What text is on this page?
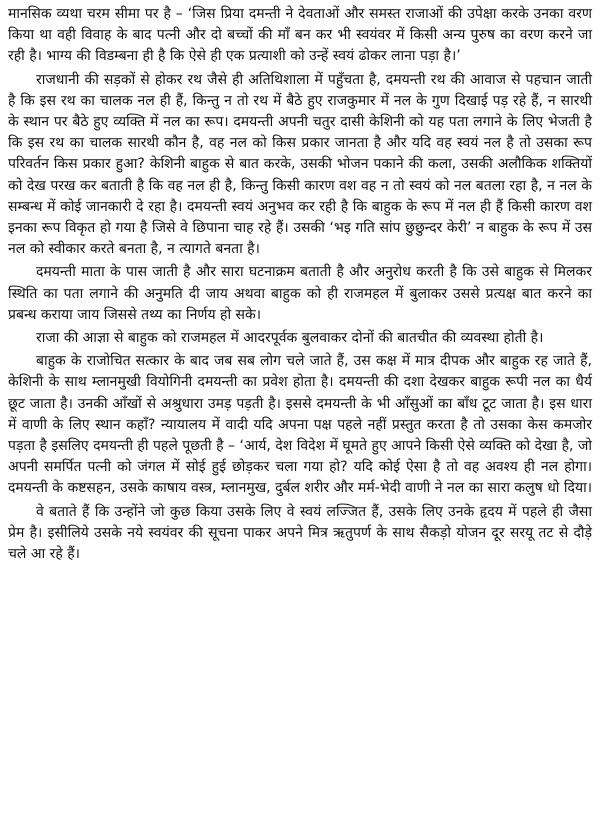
मानसिक व्यथा चरम सीमा पर है – ‘जिस प्रिया दमन्ती ने देवताओं और समस्त राजाओं की उपेक्षा करके उनका वरण किया था वही विवाह के बाद पत्नी और दो बच्चों की माँ बन कर भी स्वयंवर में किसी अन्य पुरुष का वरण करने जा रही है। भाग्य की विडम्बना ही है कि ऐसे ही एक प्रत्याशी को उन्हें स्वयं ढोकर लाना पड़ा है।’

राजधानी की सड़कों से होकर रथ जैसे ही अतिथिशाला में पहुँचता है, दमयन्ती रथ की आवाज से पहचान जाती है कि इस रथ का चालक नल ही हैं, किन्तु न तो रथ में बैठे हुए राजकुमार में नल के गुण दिखाई पड़ रहे हैं, न सारथी के स्थान पर बैठे हुए व्यक्ति में नल का रूप। दमयन्ती अपनी चतुर दासी केशिनी को यह पता लगाने के लिए भेजती है कि इस रथ का चालक सारथी कौन है, वह नल को किस प्रकार जानता है और यदि वह स्वयं नल है तो उसका रूप परिवर्तन किस प्रकार हुआ? केशिनी बाहुक से बात करके, उसकी भोजन पकाने की कला, उसकी अलौकिक शक्तियों को देख परख कर बताती है कि वह नल ही है, किन्तु किसी कारण वश वह न तो स्वयं को नल बतला रहा है, न नल के सम्बन्ध में कोई जानकारी दे रहा है। दमयन्ती स्वयं अनुभव कर रही है कि बाहुक के रूप में नल ही हैं किसी कारण वश इनका रूप विकृत हो गया है जिसे वे छिपाना चाह रहे हैं। उसकी ‘भइ गति सांप छुछुन्दर केरी’ न बाहुक के रूप में उस नल को स्वीकार करते बनता है, न त्यागते बनता है।

दमयन्ती माता के पास जाती है और सारा घटनाक्रम बताती है और अनुरोध करती है कि उसे बाहुक से मिलकर स्थिति का पता लगाने की अनुमति दी जाय अथवा बाहुक को ही राजमहल में बुलाकर उससे प्रत्यक्ष बात करने का प्रबन्ध कराया जाय जिससे तथ्य का निर्णय हो सके।

राजा की आज्ञा से बाहुक को राजमहल में आदरपूर्वक बुलवाकर दोनों की बातचीत की व्यवस्था होती है।

बाहुक के राजोचित सत्कार के बाद जब सब लोग चले जाते हैं, उस कक्ष में मात्र दीपक और बाहुक रह जाते हैं, केशिनी के साथ म्लानमुखी वियोगिनी दमयन्ती का प्रवेश होता है। दमयन्ती की दशा देखकर बाहुक रूपी नल का धैर्य छूट जाता है। उनकी आँखों से अश्रुधारा उमड़ पड़ती है। इससे दमयन्ती के भी आँसुओं का बाँध टूट जाता है। इस धारा में वाणी के लिए स्थान कहाँ? न्यायालय में वादी यदि अपना पक्ष पहले नहीं प्रस्तुत करता है तो उसका केस कमजोर पड़ता है इसलिए दमयन्ती ही पहले पूछती है – ‘आर्य, देश विदेश में घूमते हुए आपने किसी ऐसे व्यक्ति को देखा है, जो अपनी समर्पित पत्नी को जंगल में सोई हुई छोड़कर चला गया हो? यदि कोई ऐसा है तो वह अवश्य ही नल होगा। दमयन्ती के कष्टसहन, उसके काषाय वस्त्र, म्लानमुख, दुर्बल शरीर और मर्म-भेदी वाणी ने नल का सारा कलुष धो दिया।

वे बताते हैं कि उन्होंने जो कुछ किया उसके लिए वे स्वयं लज्जित हैं, उसके लिए उनके हृदय में पहले ही जैसा प्रेम है। इसीलिये उसके नये स्वयंवर की सूचना पाकर अपने मित्र ऋतुपर्ण के साथ सैकड़ो योजन दूर सरयू तट से दौड़े चले आ रहे हैं।
